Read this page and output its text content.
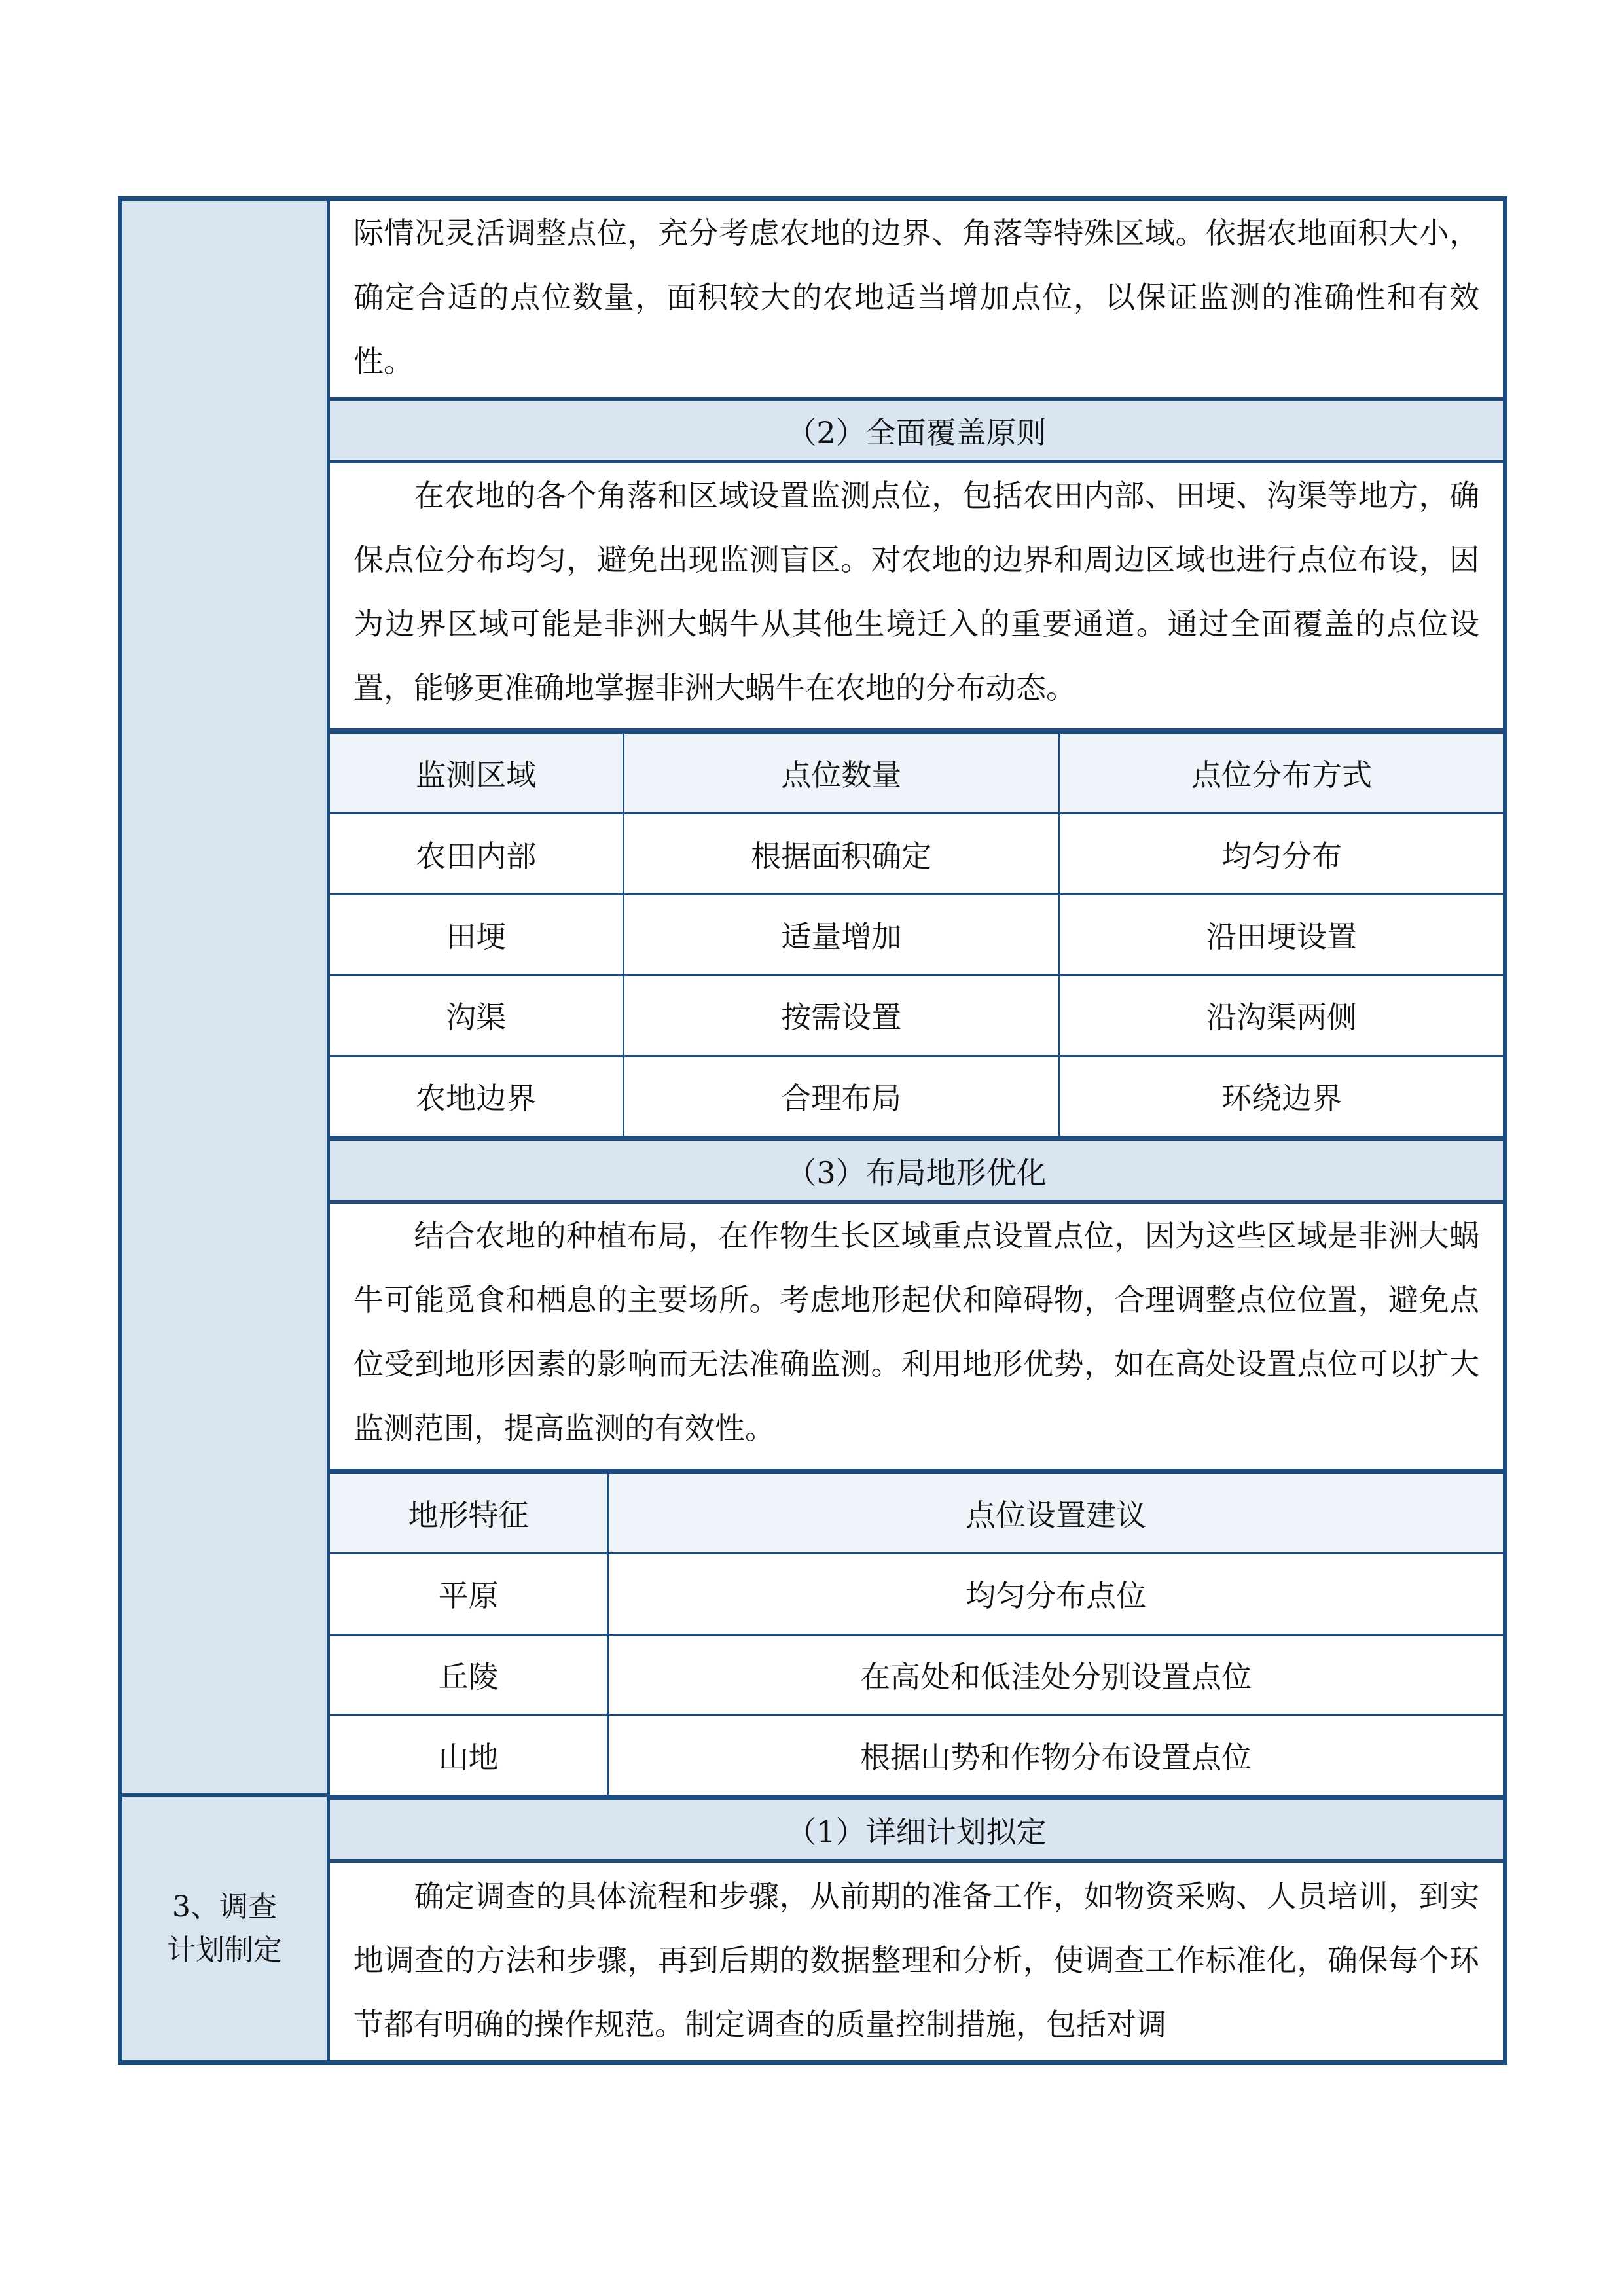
3、调查计划制定
际情况灵活调整点位，充分考虑农地的边界、角落等特殊区域。依据农地面积大小，确定合适的点位数量，面积较大的农地适当增加点位，以保证监测的准确性和有效性。
（2）全面覆盖原则
在农地的各个角落和区域设置监测点位，包括农田内部、田埂、沟渠等地方，确保点位分布均匀，避免出现监测盲区。对农地的边界和周边区域也进行点位布设，因为边界区域可能是非洲大蜗牛从其他生境迁入的重要通道。通过全面覆盖的点位设置，能够更准确地掌握非洲大蜗牛在农地的分布动态。
监测区域	点位数量	点位分布方式
农田内部	根据面积确定	均匀分布
田埂	适量增加	沿田埂设置
沟渠	按需设置	沿沟渠两侧
农地边界	合理布局	环绕边界
（3）布局地形优化
结合农地的种植布局，在作物生长区域重点设置点位，因为这些区域是非洲大蜗牛可能觅食和栖息的主要场所。考虑地形起伏和障碍物，合理调整点位位置，避免点位受到地形因素的影响而无法准确监测。利用地形优势，如在高处设置点位可以扩大监测范围，提高监测的有效性。
地形特征	点位设置建议
平原	均匀分布点位
丘陵	在高处和低洼处分别设置点位
山地	根据山势和作物分布设置点位
（1）详细计划拟定
确定调查的具体流程和步骤，从前期的准备工作，如物资采购、人员培训，到实地调查的方法和步骤，再到后期的数据整理和分析，使调查工作标准化，确保每个环节都有明确的操作规范。制定调查的质量控制措施，包括对调
